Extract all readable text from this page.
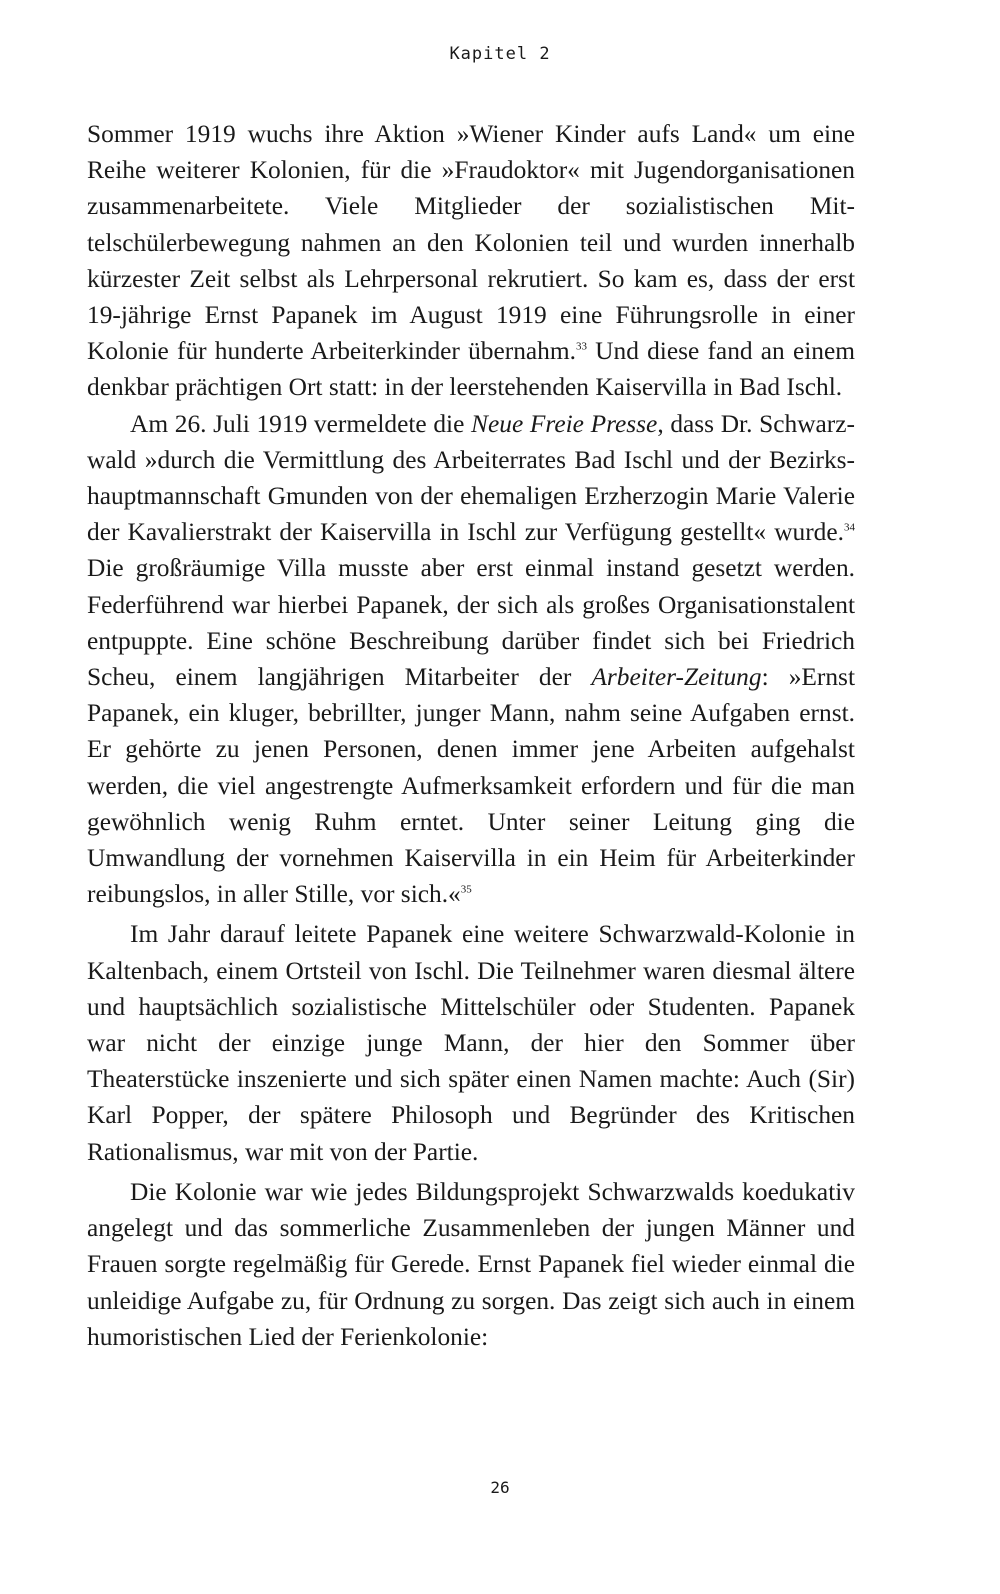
Kapitel 2

Sommer 1919 wuchs ihre Aktion »Wiener Kinder aufs Land« um eine Reihe weiterer Kolonien, für die »Fraudoktor« mit Jugendorganisationen zusammenarbeitete. Viele Mitglieder der sozialistischen Mittelschülerbewegung nahmen an den Kolonien teil und wurden innerhalb kürzester Zeit selbst als Lehrpersonal rekrutiert. So kam es, dass der erst 19-jährige Ernst Papanek im August 1919 eine Führungsrolle in einer Kolonie für hunderte Arbeiterkinder übernahm.$^{33}$ Und diese fand an einem denkbar prächtigen Ort statt: in der leerstehenden Kaiservilla in Bad Ischl.

Am 26. Juli 1919 vermeldete die Neue Freie Presse, dass Dr. Schwarzwald »durch die Vermittlung des Arbeiterrates Bad Ischl und der Bezirkshauptmannschaft Gmunden von der ehemaligen Erzherzogin Marie Valerie der Kavalierstrakt der Kaiservilla in Ischl zur Verfügung gestellt« wurde.$^{34}$ Die großräumige Villa musste aber erst einmal instand gesetzt werden. Federführend war hierbei Papanek, der sich als großes Organisationstalent entpuppte. Eine schöne Beschreibung darüber findet sich bei Friedrich Scheu, einem langjährigen Mitarbeiter der Arbeiter-Zeitung: »Ernst Papanek, ein kluger, bebrillter, junger Mann, nahm seine Aufgaben ernst. Er gehörte zu jenen Personen, denen immer jene Arbeiten aufgehalst werden, die viel angestrengte Aufmerksamkeit erfordern und für die man gewöhnlich wenig Ruhm erntet. Unter seiner Leitung ging die Umwandlung der vornehmen Kaiservilla in ein Heim für Arbeiterkinder reibungslos, in aller Stille, vor sich.«$^{35}$

Im Jahr darauf leitete Papanek eine weitere Schwarzwald-Kolonie in Kaltenbach, einem Ortsteil von Ischl. Die Teilnehmer waren diesmal ältere und hauptsächlich sozialistische Mittelschüler oder Studenten. Papanek war nicht der einzige junge Mann, der hier den Sommer über Theaterstücke inszenierte und sich später einen Namen machte: Auch (Sir) Karl Popper, der spätere Philosoph und Begründer des Kritischen Rationalismus, war mit von der Partie.

Die Kolonie war wie jedes Bildungsprojekt Schwarzwalds koedukativ angelegt und das sommerliche Zusammenleben der jungen Männer und Frauen sorgte regelmäßig für Gerede. Ernst Papanek fiel wieder einmal die unleidige Aufgabe zu, für Ordnung zu sorgen. Das zeigt sich auch in einem humoristischen Lied der Ferienkolonie:

26
